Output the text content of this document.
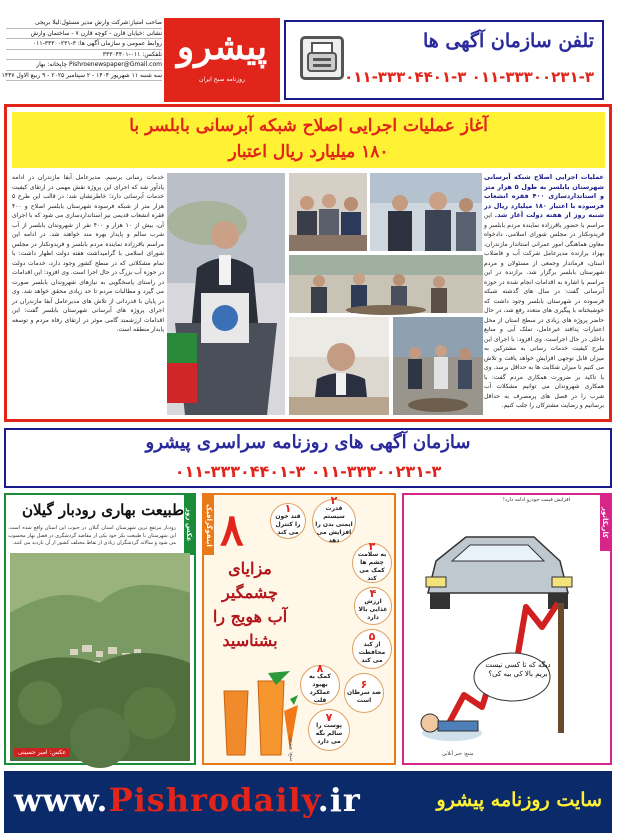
صاحب امتیاز:شرکت وارش مدیر مسئول:لیلا بریجی
نشانی :خیابان قارن - کوچه قارن ۷ - ساختمان وارش
روابط عمومی و سازمان آگهی ها: ۳-۳۳۳۰۰۲۳۱-۰۱۱
تلفکس: ۰۱۱-۳۳۳۰۴۴۰۱
Pishroenewspaper@Gmail.com چاپخانه: بهار
سه شنبه ۱۱ شهریور ۱۴۰۴ - ۲ سپتامبر ۲۰۲۵ - ۹ ربیع الاول ۱۴۴۷
پیشرو
روزنامه صبح ایران
تلفن سازمان آگهی ها
۰۱۱-۳۳۳۰۰۲۳۱-۳ ۰۱۱-۳۳۳۰۴۴۰۱-۳
آغاز عملیات اجرایی اصلاح شبکه آبرسانی بابلسر با
۱۸۰ میلیارد ریال اعتبار
عملیات اجرایی اصلاح شبکه آبرسانی شهرستان بابلسر به طول ۵ هزار متر و استانداردسازی ۴۰۰ فقره انشعاب فرسوده با اعتبار ۱۸۰ میلیارد ریال در شنبه روز از هفته دولت آغاز شد. این مراسم با حضور باقرزاده نماینده مردم بابلسر و فریدونکنار در مجلس شورای اسلامی، دادخواه معاون هماهنگی امور عمرانی استاندار مازندران، بهزاد برازنده مدیرعامل شرکت آب و فاضلاب استان، فرماندار وجمعی از مسئولان و مردم شهرستان بابلسر برگزار شد. برازنده در این مراسم با اشاره به اقدامات انجام شده در حوزه آبرسانی گفت: در سال های گذشته شبکه فرسوده در شهرستان بابلسر وجود داشت که خوشبختانه با پیگیری های متعدد رفع شد، در حال حاضر پروژه های زیادی در سطح استان از محل اعتبارات پدافند غیرعامل، تملک آبی و منابع داخلی در حال اجراست. وی افزود: با اجرای این طرح کیفیت خدمات رسانی به مشترکین به میزان قابل توجهی افزایش خواهد یافت و تلاش می کنیم تا میزان شکایت ها به حداقل برسد. وی با تاکید بر ضرورت همکاری مردم گفت: با همکاری شهروندان می توانیم مشکلات آب شرب را در فصل های پرمصرف به حداقل برسانیم و رضایت مشترکان را جلب کنیم.
خدمات رسانی برسیم. مدیرعامل آبفا مازندران در ادامه یادآور شد که اجرای این پروژه نقش مهمی در ارتقای کیفیت خدمات آبرسانی دارد؛ خاطرنشان شد: در قالب این طرح ۵ هزار متر از شبکه فرسوده شهرستان بابلسر اصلاح و ۴۰۰ فقره انشعاب قدیمی نیز استانداردسازی می شود که با اجرای آن، بیش از ۱۰ هزار و ۴۰۰ نفر از شهروندان بابلسر از آب شرب سالم و پایدار بهره مند خواهند شد. در ادامه این مراسم باقرزاده نماینده مردم بابلسر و فریدونکنار در مجلس شورای اسلامی با گرامیداشت هفته دولت اظهار داشت: با تمام مشکلاتی که در سطح کشور وجود دارد، خدمات دولت در حوزه آب بزرگ در حال اجرا است. وی افزود: این اقدامات در راستای پاسخگویی به نیازهای شهروندان بابلسر صورت می گیرد و مطالبات مردم تا حد زیادی محقق خواهد شد. وی در پایان با قدردانی از تلاش های مدیرعامل آبفا مازندران در اجرای پروژه های آبرسانی شهرستان بابلسر گفت: این اقدامات ارزشمند گامی موثر در ارتقای رفاه مردم و توسعه پایدار منطقه است.
سازمان آگهی های روزنامه سراسری پیشرو
۰۱۱-۳۳۳۰۰۲۳۱-۳ ۰۱۱-۳۳۳۰۴۴۰۱-۳
عکس روز
طبیعت بهاری رودبار گیلان
رودبار مرتفع ترین شهرستان استان گیلان در جنوب این استان واقع شده است. این شهرستان با طبیعت بکر خود یکی از مقاصد گردشگری در فصل بهار محسوب می شود و سالانه گردشگران زیادی از نقاط مختلف کشور از آن بازدید می کنند.
عکس: امیر حسینی
اینفوگرافیک ۸
مزایای چشمگیر آب هویج را بشناسید
۱
قند خون را کنترل می کند
۲
قدرت سیستم ایمنی بدن را افزایش می دهد	۳
به سلامت چشم ها کمک می کند
۴
ارزش غذایی بالا دارد
۵
از کبد محافظت می کند
۶
ضد سرطان است
۷
پوست را سالم نگه می دارد
۸
کمک به بهبود عملکرد قلب
منبع: چیزیون
کاریکاتور
افزایش قیمت خودرو ادامه دارد!
دیگه که تا کسی نیست بریم بالا کی بیه کی؟
منبع: خبر آنلاین
www.Pishrodaily.ir	سایت روزنامه پیشرو
